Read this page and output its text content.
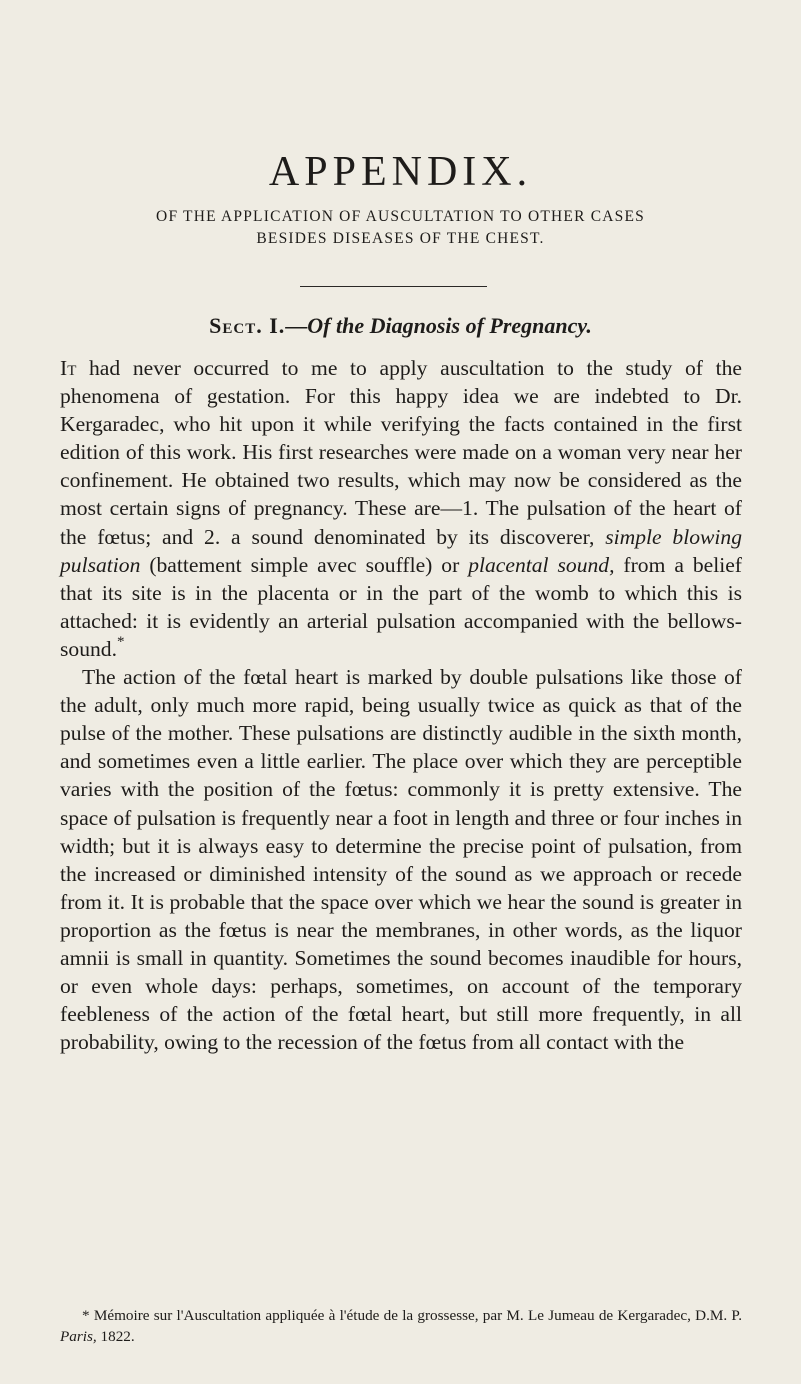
APPENDIX.
OF THE APPLICATION OF AUSCULTATION TO OTHER CASES
BESIDES DISEASES OF THE CHEST.
Sect. I.—Of the Diagnosis of Pregnancy.

It had never occurred to me to apply auscultation to the study of the phenomena of gestation. For this happy idea we are indebted to Dr. Kergaradec, who hit upon it while verifying the facts contained in the first edition of this work. His first researches were made on a woman very near her confinement. He obtained two results, which may now be considered as the most certain signs of pregnancy. These are—1. The pulsation of the heart of the fœtus; and 2. a sound denominated by its discoverer, simple blowing pulsation (battement simple avec souffle) or placental sound, from a belief that its site is in the placenta or in the part of the womb to which this is attached: it is evidently an arterial pulsation accompanied with the bellows-sound.*

The action of the fœtal heart is marked by double pulsations like those of the adult, only much more rapid, being usually twice as quick as that of the pulse of the mother. These pulsations are distinctly audible in the sixth month, and sometimes even a little earlier. The place over which they are perceptible varies with the position of the fœtus: commonly it is pretty extensive. The space of pulsation is frequently near a foot in length and three or four inches in width; but it is always easy to determine the precise point of pulsation, from the increased or diminished intensity of the sound as we approach or recede from it. It is probable that the space over which we hear the sound is greater in proportion as the fœtus is near the membranes, in other words, as the liquor amnii is small in quantity. Sometimes the sound becomes inaudible for hours, or even whole days: perhaps, sometimes, on account of the temporary feebleness of the action of the fœtal heart, but still more frequently, in all probability, owing to the recession of the fœtus from all contact with the

* Mémoire sur l'Auscultation appliquée à l'étude de la grossesse, par M. Le Jumeau de Kergaradec, D.M. P. Paris, 1822.
